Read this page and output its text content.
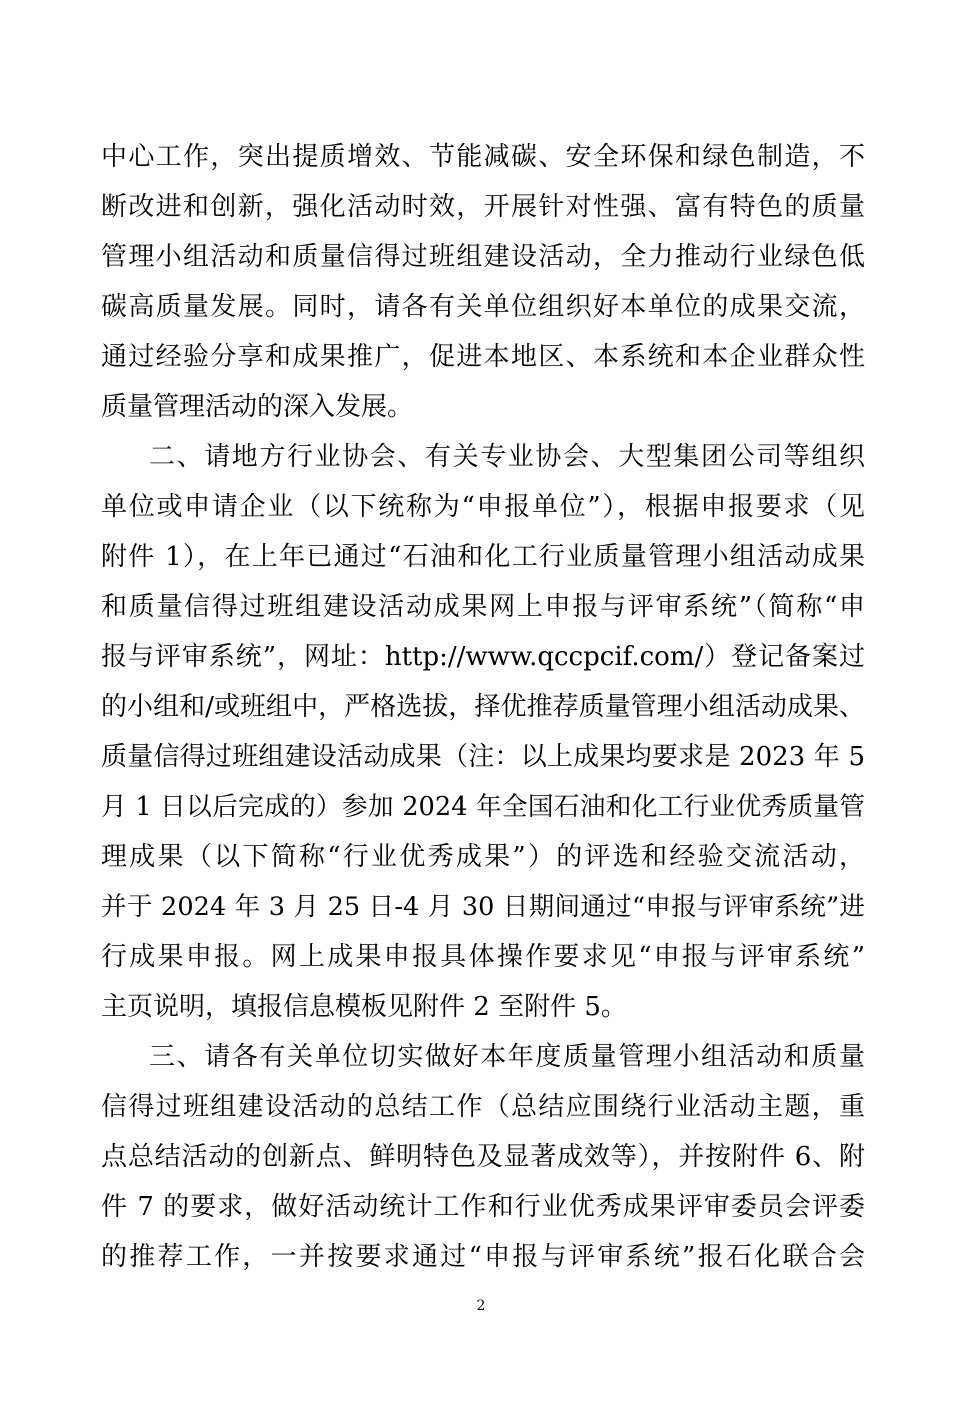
中心工作，突出提质增效、节能减碳、安全环保和绿色制造，不
断改进和创新，强化活动时效，开展针对性强、富有特色的质量
管理小组活动和质量信得过班组建设活动，全力推动行业绿色低
碳高质量发展。同时，请各有关单位组织好本单位的成果交流，
通过经验分享和成果推广，促进本地区、本系统和本企业群众性
质量管理活动的深入发展。
二、请地方行业协会、有关专业协会、大型集团公司等组织
单位或申请企业（以下统称为“申报单位”），根据申报要求（见
附件 1），在上年已通过“石油和化工行业质量管理小组活动成果
和质量信得过班组建设活动成果网上申报与评审系统”（简称“申
报与评审系统”，网址：http://www.qccpcif.com/）登记备案过
的小组和/或班组中，严格选拔，择优推荐质量管理小组活动成果、
质量信得过班组建设活动成果（注：以上成果均要求是 2023 年 5
月 1 日以后完成的）参加 2024 年全国石油和化工行业优秀质量管
理成果（以下简称“行业优秀成果”）的评选和经验交流活动，
并于 2024 年 3 月 25 日-4 月 30 日期间通过“申报与评审系统”进
行成果申报。网上成果申报具体操作要求见“申报与评审系统”
主页说明，填报信息模板见附件 2 至附件 5。
三、请各有关单位切实做好本年度质量管理小组活动和质量
信得过班组建设活动的总结工作（总结应围绕行业活动主题，重
点总结活动的创新点、鲜明特色及显著成效等），并按附件 6、附
件 7 的要求，做好活动统计工作和行业优秀成果评审委员会评委
的推荐工作，一并按要求通过“申报与评审系统”报石化联合会
2
